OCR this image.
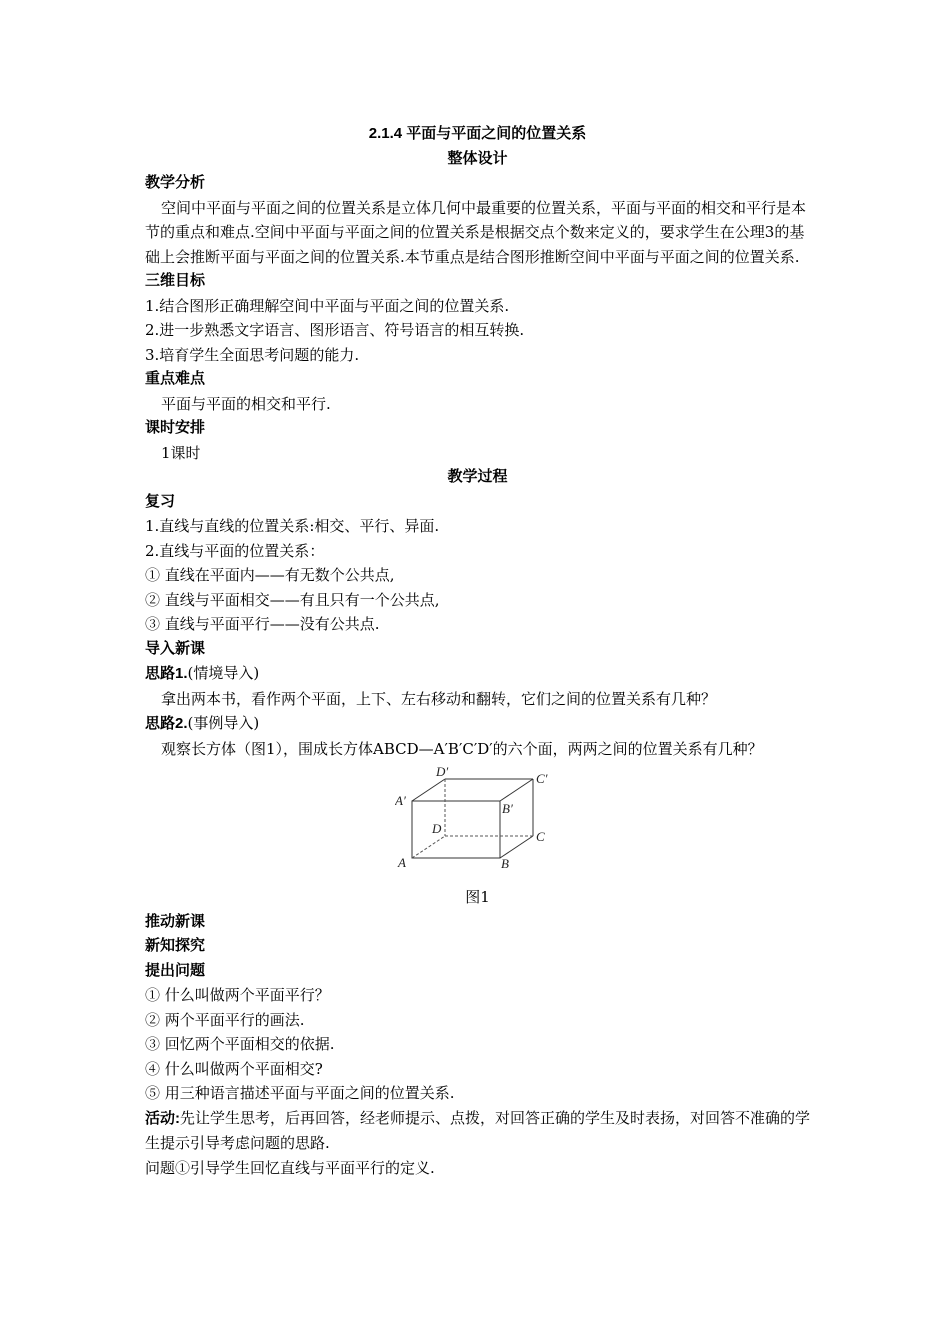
2.1.4 平面与平面之间的位置关系
整体设计
教学分析

空间中平面与平面之间的位置关系是立体几何中最重要的位置关系，平面与平面的相交和平行是本节的重点和难点.空间中平面与平面之间的位置关系是根据交点个数来定义的，要求学生在公理3的基础上会推断平面与平面之间的位置关系.本节重点是结合图形推断空间中平面与平面之间的位置关系.

三维目标

1.结合图形正确理解空间中平面与平面之间的位置关系.

2.进一步熟悉文字语言、图形语言、符号语言的相互转换.

3.培育学生全面思考问题的能力.

重点难点

平面与平面的相交和平行.

课时安排

1课时

教学过程
复习

1.直线与直线的位置关系:相交、平行、异面.

2.直线与平面的位置关系：

① 直线在平面内——有无数个公共点,

② 直线与平面相交——有且只有一个公共点,

③ 直线与平面平行——没有公共点.

导入新课

思路1.(情境导入)

拿出两本书，看作两个平面，上下、左右移动和翻转，它们之间的位置关系有几种？

思路2.(事例导入)

观察长方体（图1），围成长方体ABCD—A′B′C′D′的六个面，两两之间的位置关系有几种？

D′	C′
A′
B′
D
C
A	B
图1
推动新课
新知探究
提出问题

① 什么叫做两个平面平行？

② 两个平面平行的画法.

③ 回忆两个平面相交的依据.

④ 什么叫做两个平面相交?

⑤ 用三种语言描述平面与平面之间的位置关系.

活动:先让学生思考，后再回答，经老师提示、点拨，对回答正确的学生及时表扬，对回答不准确的学生提示引导考虑问题的思路.

问题①引导学生回忆直线与平面平行的定义.
